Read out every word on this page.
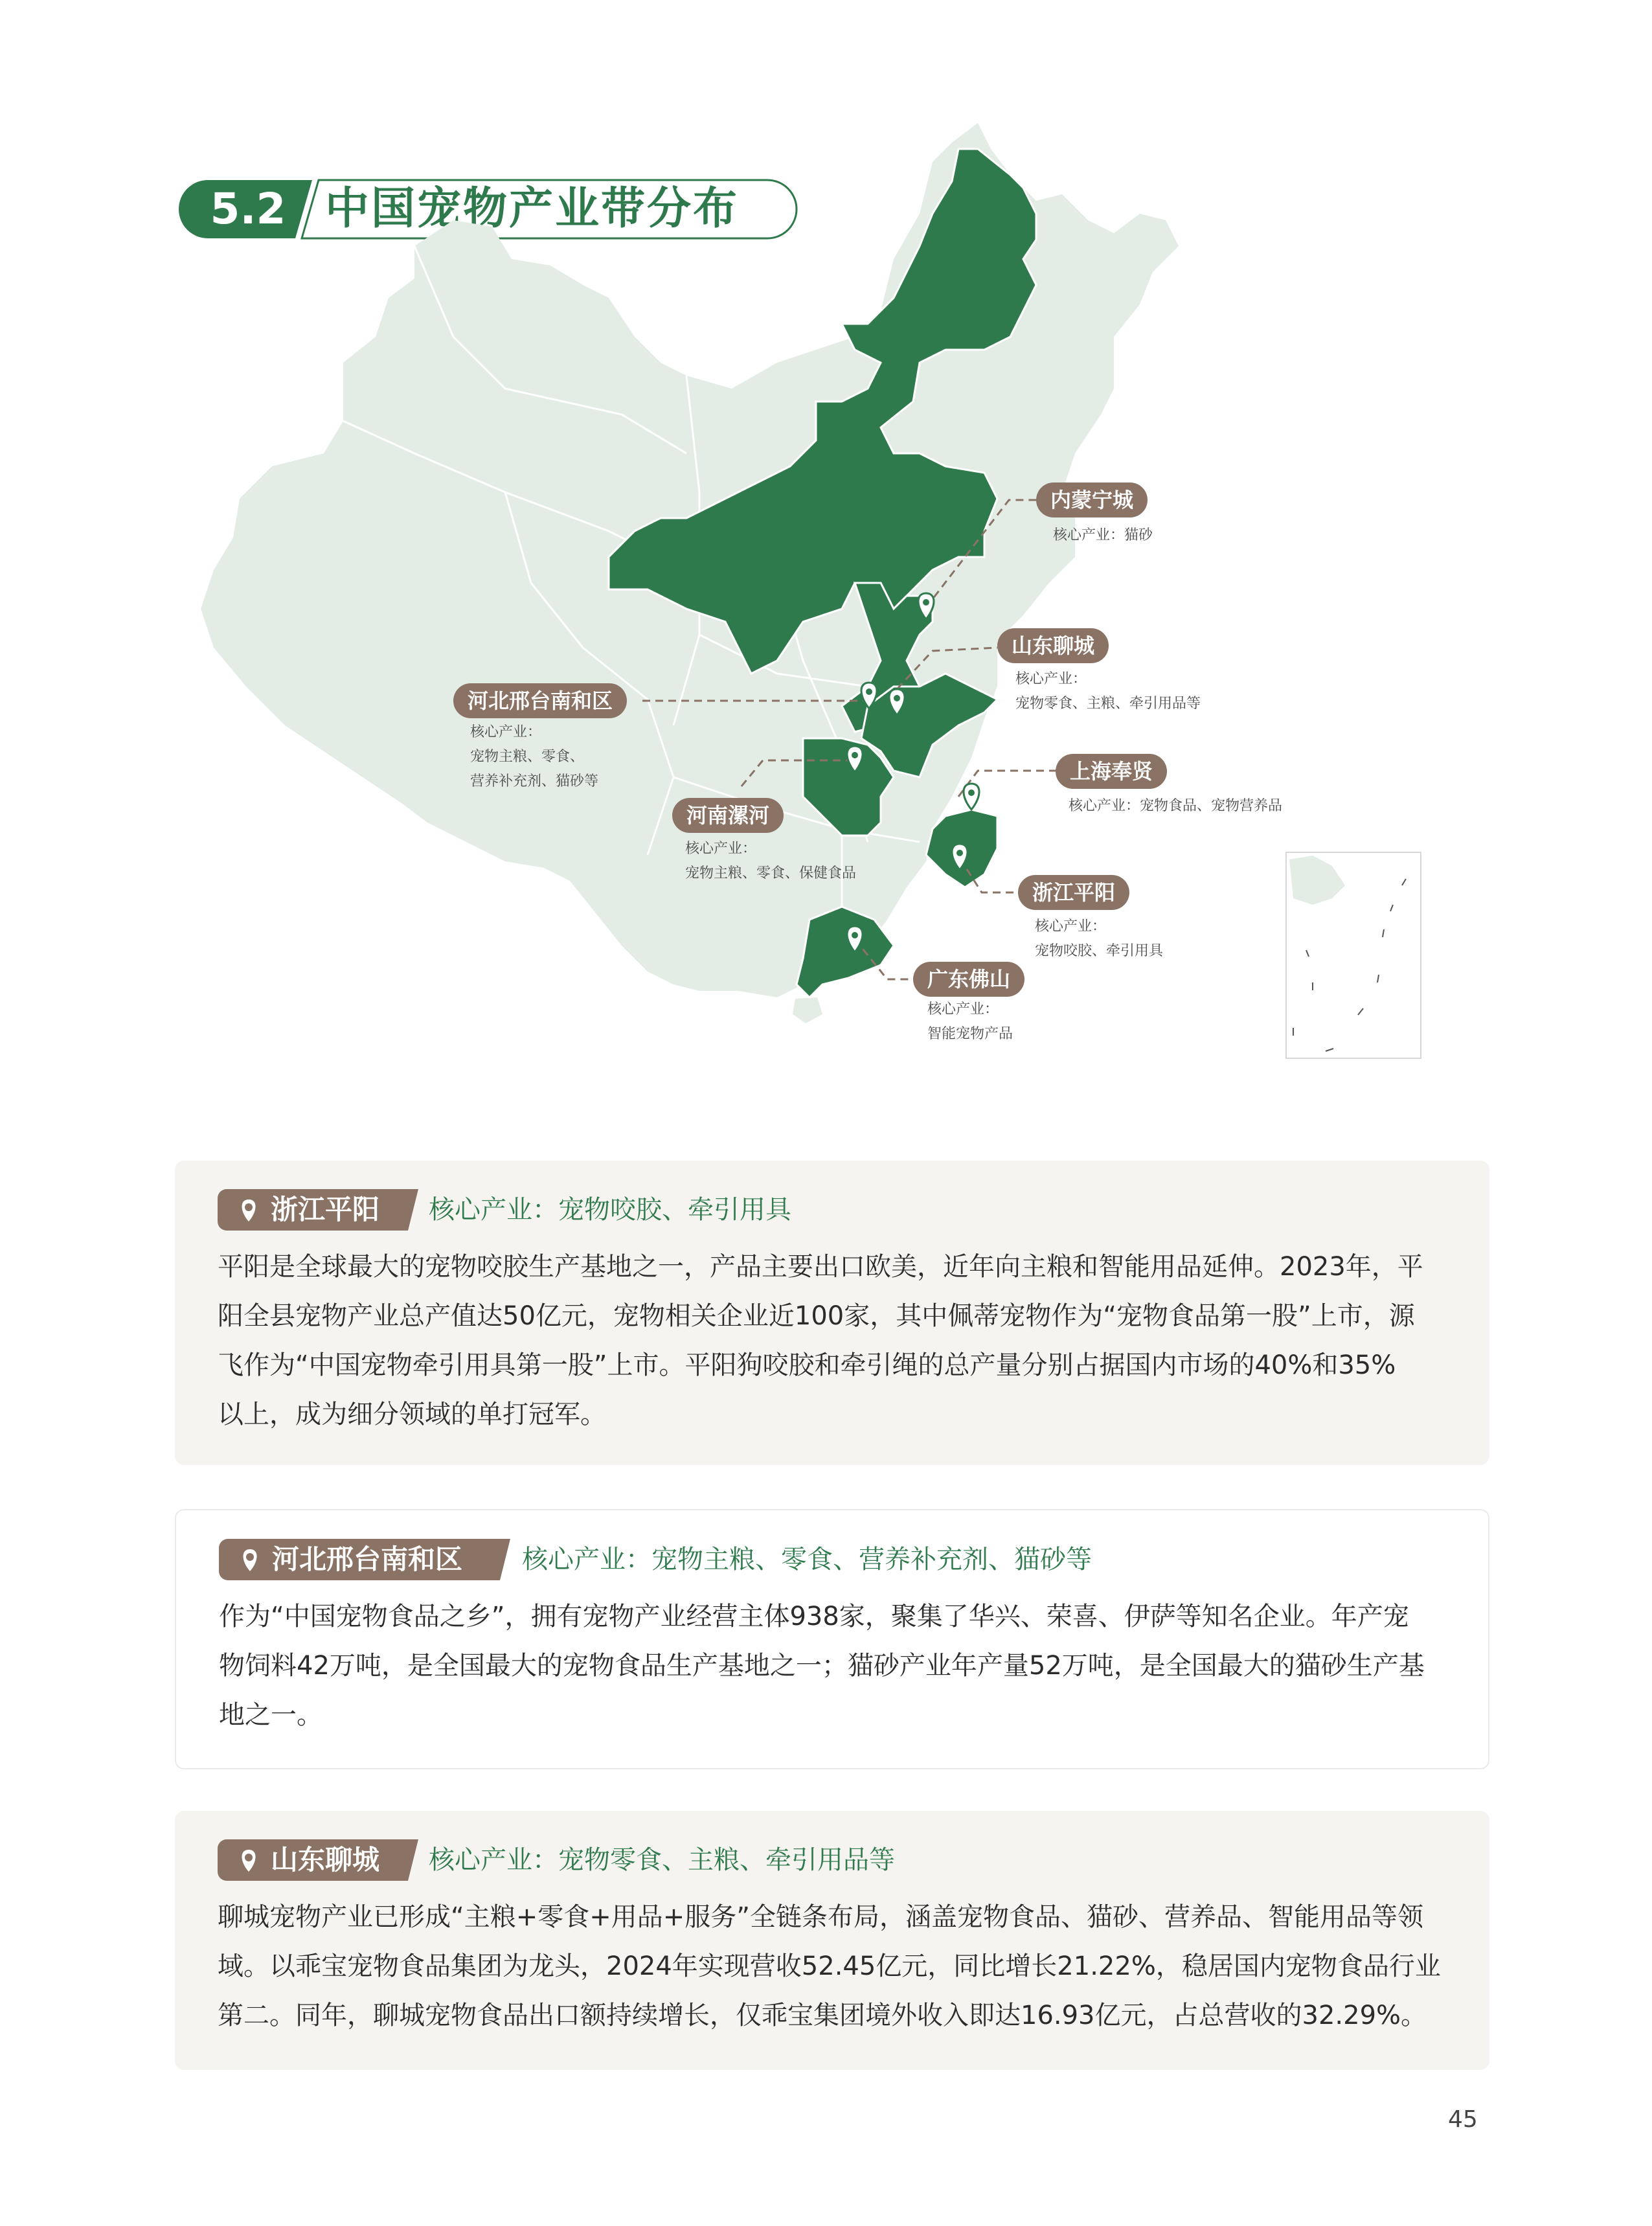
5.2 中国宠物产业带分布
内蒙宁城
核心产业：猫砂
山东聊城
核心产业：
宠物零食、主粮、牵引用品等
河北邢台南和区
核心产业：
宠物主粮、零食、
营养补充剂、猫砂等	上海奉贤
核心产业：宠物食品、宠物营养品
河南漯河
核心产业：
宠物主粮、零食、保健食品
浙江平阳
核心产业：
宠物咬胶、牵引用具
广东佛山
核心产业：
智能宠物产品
浙江平阳 核心产业：宠物咬胶、牵引用具
平阳是全球最大的宠物咬胶生产基地之一，产品主要出口欧美，近年向主粮和智能用品延伸。2023年，平
阳全县宠物产业总产值达50亿元，宠物相关企业近100家，其中佩蒂宠物作为“宠物食品第一股”上市，源
飞作为“中国宠物牵引用具第一股”上市。平阳狗咬胶和牵引绳的总产量分别占据国内市场的40%和35%
以上，成为细分领域的单打冠军。
河北邢台南和区 核心产业：宠物主粮、零食、营养补充剂、猫砂等
作为“中国宠物食品之乡”，拥有宠物产业经营主体938家，聚集了华兴、荣喜、伊萨等知名企业。年产宠
物饲料42万吨，是全国最大的宠物食品生产基地之一；猫砂产业年产量52万吨，是全国最大的猫砂生产基
地之一。
山东聊城 核心产业：宠物零食、主粮、牵引用品等
聊城宠物产业已形成“主粮+零食+用品+服务”全链条布局，涵盖宠物食品、猫砂、营养品、智能用品等领
域。以乖宝宠物食品集团为龙头，2024年实现营收52.45亿元，同比增长21.22%，稳居国内宠物食品行业
第二。同年，聊城宠物食品出口额持续增长，仅乖宝集团境外收入即达16.93亿元，占总营收的32.29%。
45
